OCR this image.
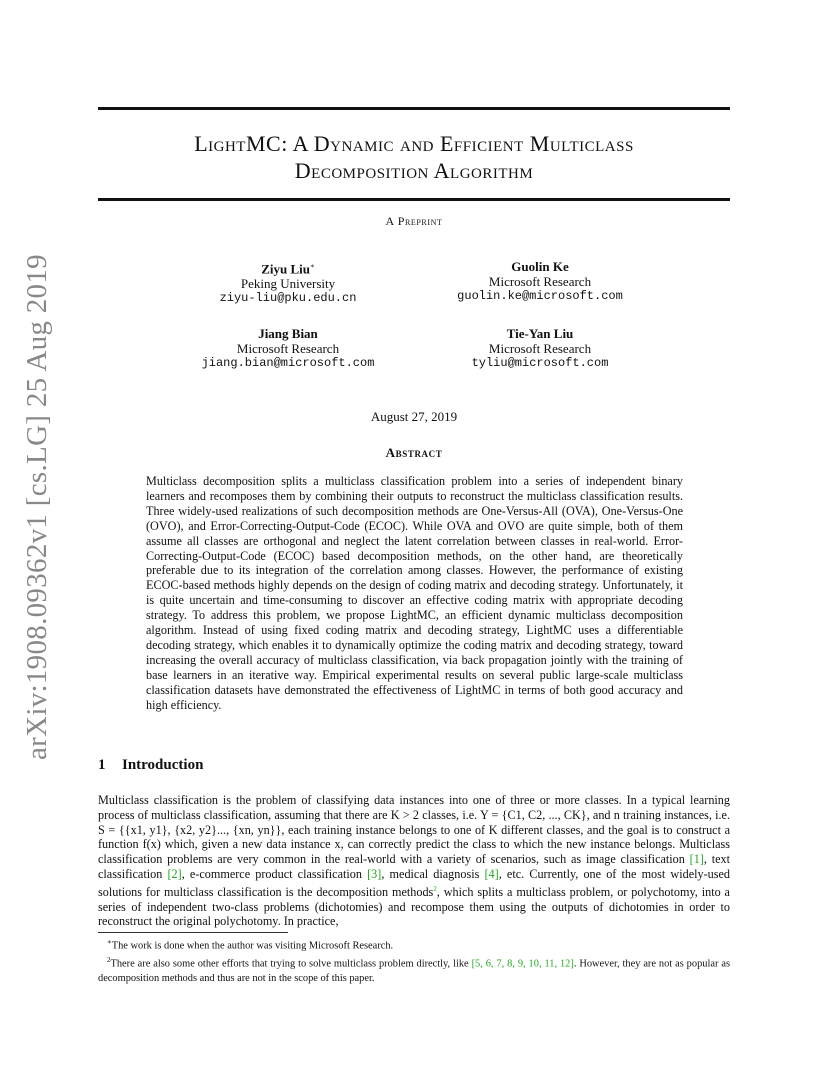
arXiv:1908.09362v1 [cs.LG] 25 Aug 2019
LightMC: A Dynamic and Efficient Multiclass
Decomposition Algorithm
A Preprint
Ziyu Liu∗
Peking University
ziyu-liu@pku.edu.cn
Guolin Ke
Microsoft Research
guolin.ke@microsoft.com
Jiang Bian
Microsoft Research
jiang.bian@microsoft.com
Tie-Yan Liu
Microsoft Research
tyliu@microsoft.com
August 27, 2019
Abstract
Multiclass decomposition splits a multiclass classification problem into a series of independent binary learners and recomposes them by combining their outputs to reconstruct the multiclass classification results. Three widely-used realizations of such decomposition methods are One-Versus-All (OVA), One-Versus-One (OVO), and Error-Correcting-Output-Code (ECOC). While OVA and OVO are quite simple, both of them assume all classes are orthogonal and neglect the latent correlation between classes in real-world. Error-Correcting-Output-Code (ECOC) based decomposition methods, on the other hand, are theoretically preferable due to its integration of the correlation among classes. However, the performance of existing ECOC-based methods highly depends on the design of coding matrix and decoding strategy. Unfortunately, it is quite uncertain and time-consuming to discover an effective coding matrix with appropriate decoding strategy. To address this problem, we propose LightMC, an efficient dynamic multiclass decomposition algorithm. Instead of using fixed coding matrix and decoding strategy, LightMC uses a differentiable decoding strategy, which enables it to dynamically optimize the coding matrix and decoding strategy, toward increasing the overall accuracy of multiclass classification, via back propagation jointly with the training of base learners in an iterative way. Empirical experimental results on several public large-scale multiclass classification datasets have demonstrated the effectiveness of LightMC in terms of both good accuracy and high efficiency.
1 Introduction
Multiclass classification is the problem of classifying data instances into one of three or more classes. In a typical learning process of multiclass classification, assuming that there are K > 2 classes, i.e. Y = {C1, C2, ..., CK}, and n training instances, i.e. S = {{x1, y1}, {x2, y2}..., {xn, yn}}, each training instance belongs to one of K different classes, and the goal is to construct a function f(x) which, given a new data instance x, can correctly predict the class to which the new instance belongs. Multiclass classification problems are very common in the real-world with a variety of scenarios, such as image classification [1], text classification [2], e-commerce product classification [3], medical diagnosis [4], etc. Currently, one of the most widely-used solutions for multiclass classification is the decomposition methods$^2$, which splits a multiclass problem, or polychotomy, into a series of independent two-class problems (dichotomies) and recompose them using the outputs of dichotomies in order to reconstruct the original polychotomy. In practice,
∗The work is done when the author was visiting Microsoft Research.
$^2$There are also some other efforts that trying to solve multiclass problem directly, like [5, 6, 7, 8, 9, 10, 11, 12]. However, they are not as popular as decomposition methods and thus are not in the scope of this paper.
